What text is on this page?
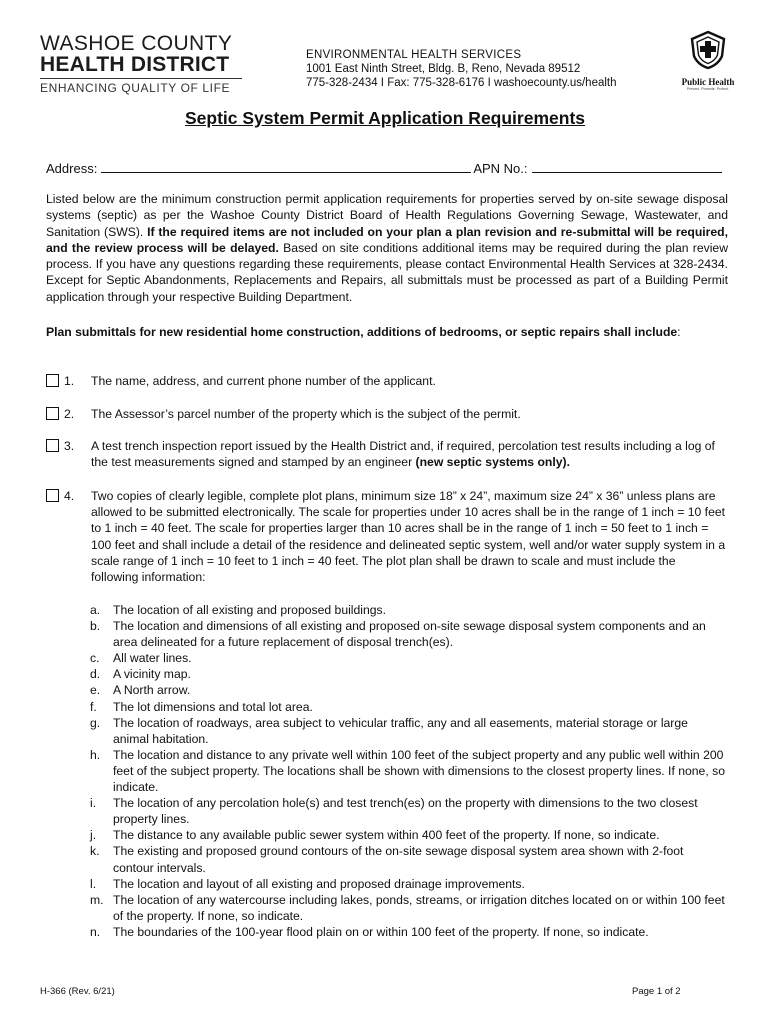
WASHOE COUNTY
HEALTH DISTRICT
ENHANCING QUALITY OF LIFE
ENVIRONMENTAL HEALTH SERVICES
1001 East Ninth Street, Bldg. B, Reno, Nevada 89512
775-328-2434 I Fax: 775-328-6176 I washoecounty.us/health	Public Health
Prevent. Promote. Protect.
Septic System Permit Application Requirements
Address:	APN No.:
Listed below are the minimum construction permit application requirements for properties served by on-site sewage disposal systems (septic) as per the Washoe County District Board of Health Regulations Governing Sewage, Wastewater, and Sanitation (SWS). If the required items are not included on your plan a plan revision and re-submittal will be required, and the review process will be delayed. Based on site conditions additional items may be required during the plan review process. If you have any questions regarding these requirements, please contact Environmental Health Services at 328-2434. Except for Septic Abandonments, Replacements and Repairs, all submittals must be processed as part of a Building Permit application through your respective Building Department.
Plan submittals for new residential home construction, additions of bedrooms, or septic repairs shall include:
1.	The name, address, and current phone number of the applicant.
2.	The Assessor’s parcel number of the property which is the subject of the permit.
3.	A test trench inspection report issued by the Health District and, if required, percolation test results including a log of the test measurements signed and stamped by an engineer (new septic systems only).
4.	Two copies of clearly legible, complete plot plans, minimum size 18” x 24”, maximum size 24” x 36” unless plans are allowed to be submitted electronically. The scale for properties under 10 acres shall be in the range of 1 inch = 10 feet to 1 inch = 40 feet. The scale for properties larger than 10 acres shall be in the range of 1 inch = 50 feet to 1 inch = 100 feet and shall include a detail of the residence and delineated septic system, well and/or water supply system in a scale range of 1 inch = 10 feet to 1 inch = 40 feet. The plot plan shall be drawn to scale and must include the following information:
a.	The location of all existing and proposed buildings.
b.	The location and dimensions of all existing and proposed on-site sewage disposal system components and an area delineated for a future replacement of disposal trench(es).
c.	All water lines.
d.	A vicinity map.
e.	A North arrow.
f.	The lot dimensions and total lot area.
g.	The location of roadways, area subject to vehicular traffic, any and all easements, material storage or large animal habitation.
h.	The location and distance to any private well within 100 feet of the subject property and any public well within 200 feet of the subject property. The locations shall be shown with dimensions to the closest property lines. If none, so indicate.
i.	The location of any percolation hole(s) and test trench(es) on the property with dimensions to the two closest property lines.
j.	The distance to any available public sewer system within 400 feet of the property. If none, so indicate.
k.	The existing and proposed ground contours of the on-site sewage disposal system area shown with 2-foot contour intervals.
l.	The location and layout of all existing and proposed drainage improvements.
m. The location of any watercourse including lakes, ponds, streams, or irrigation ditches located on or within 100 feet of the property. If none, so indicate.
n.	The boundaries of the 100-year flood plain on or within 100 feet of the property. If none, so indicate.
H-366 (Rev. 6/21)	Page 1 of 2
